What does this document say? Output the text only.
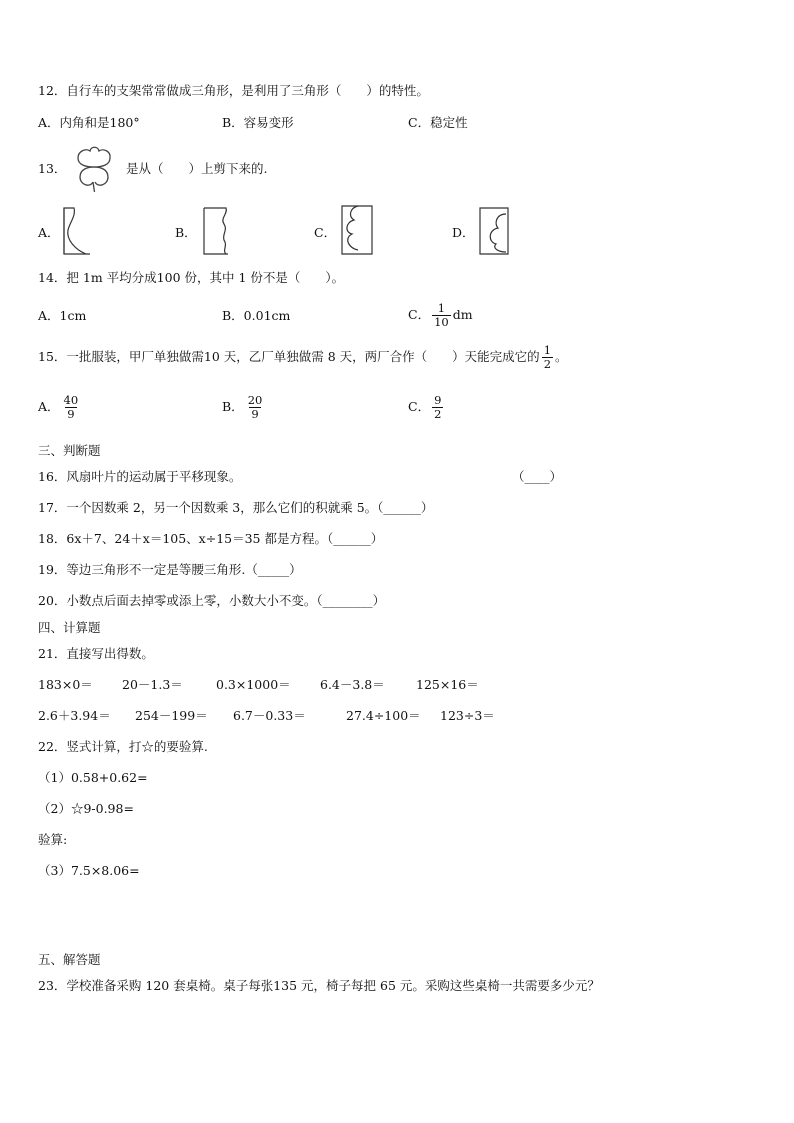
12．自行车的支架常常做成三角形，是利用了三角形（　　）的特性。
A．内角和是180°	B．容易变形	C．稳定性
13．	是从（　　）上剪下来的.
A．	B．	C．	D．
14．把 1m 平均分成100 份，其中 1 份不是（　　）。
A．1cm	B．0.01cm	C． $\frac{1}{10}$ dm
15．一批服装，甲厂单独做需10 天，乙厂单独做需 8 天，两厂合作（　　）天能完成它的 $\frac{1}{2}$ 。
A． $\frac{40}{9}$	B． $\frac{20}{9}$	C． $\frac{9}{2}$
三、判断题
16．风扇叶片的运动属于平移现象。	（____）
17．一个因数乘 2，另一个因数乘 3，那么它们的积就乘 5。（______）
18．6x＋7、24＋x＝105、x÷15＝35 都是方程。（______）
19．等边三角形不一定是等腰三角形.（_____）
20．小数点后面去掉零或添上零，小数大小不变。（________）
四、计算题
21．直接写出得数。
183×0＝ 20－1.3＝	0.3×1000＝ 6.4－3.8＝ 125×16＝
2.6＋3.94＝ 254－199＝ 6.7－0.33＝	27.4÷100＝ 123÷3＝
22．竖式计算，打☆的要验算.
（1）0.58+0.62=
（2）☆9-0.98=
验算:
（3）7.5×8.06=
五、解答题
23．学校准备采购 120 套桌椅。桌子每张135 元，椅子每把 65 元。采购这些桌椅一共需要多少元？
